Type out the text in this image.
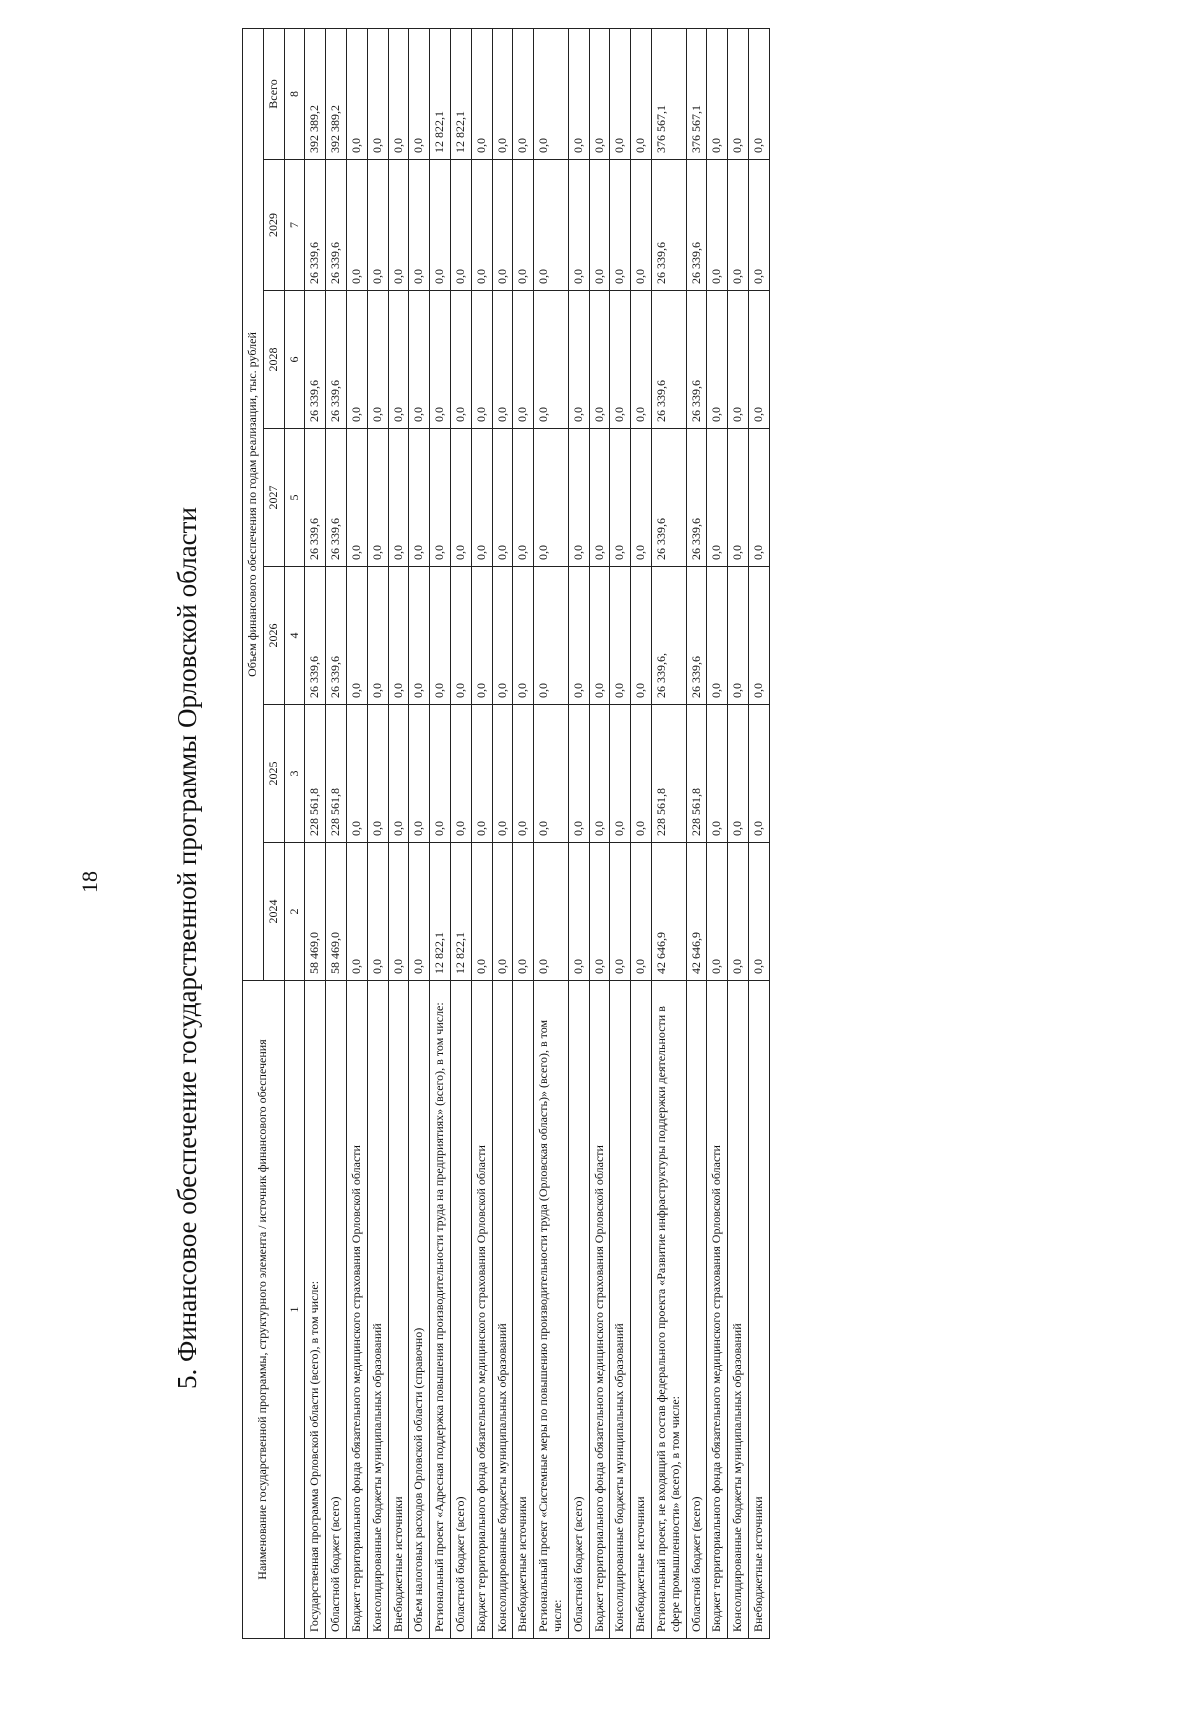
18	5. Финансовое обеспечение государственной программы Орловской области	Наименование государственной программы, структурного элемента / источник финансового обеспечения	Объем финансового обеспечения по годам реализации, тыс. рублей						
	2024	2025	2026	2027	2028	2029	Всего
1	2	3	4	5	6	7	8
Государственная программа Орловской области (всего), в том числе:	58 469,0	228 561,8	26 339,6	26 339,6	26 339,6	26 339,6	392 389,2
Областной бюджет (всего)	58 469,0	228 561,8	26 339,6	26 339,6	26 339,6	26 339,6	392 389,2
Бюджет территориального фонда обязательного медицинского страхования Орловской области	0,0	0,0	0,0	0,0	0,0	0,0	0,0
Консолидированные бюджеты муниципальных образований	0,0	0,0	0,0	0,0	0,0	0,0	0,0
Внебюджетные источники	0,0	0,0	0,0	0,0	0,0	0,0	0,0
Объем налоговых расходов Орловской области (справочно)	0,0	0,0	0,0	0,0	0,0	0,0	0,0
Региональный проект «Адресная поддержка повышения производительности труда на предприятиях» (всего), в том числе:	12 822,1	0,0	0,0	0,0	0,0	0,0	12 822,1
Областной бюджет (всего)	12 822,1	0,0	0,0	0,0	0,0	0,0	12 822,1
Бюджет территориального фонда обязательного медицинского страхования Орловской области	0,0	0,0	0,0	0,0	0,0	0,0	0,0
Консолидированные бюджеты муниципальных образований	0,0	0,0	0,0	0,0	0,0	0,0	0,0
Внебюджетные источники	0,0	0,0	0,0	0,0	0,0	0,0	0,0
Региональный проект «Системные меры по повышению производительности труда (Орловская область)» (всего), в том числе:	0,0	0,0	0,0	0,0	0,0	0,0	0,0
Областной бюджет (всего)	0,0	0,0	0,0	0,0	0,0	0,0	0,0
Бюджет территориального фонда обязательного медицинского страхования Орловской области	0,0	0,0	0,0	0,0	0,0	0,0	0,0
Консолидированные бюджеты муниципальных образований	0,0	0,0	0,0	0,0	0,0	0,0	0,0
Внебюджетные источники	0,0	0,0	0,0	0,0	0,0	0,0	0,0
Региональный проект, не входящий в состав федерального проекта «Развитие инфраструктуры поддержки деятельности в сфере промышленности» (всего), в том числе:	42 646,9	228 561,8	26 339,6,	26 339,6	26 339,6	26 339,6	376 567,1
Областной бюджет (всего)	42 646,9	228 561,8	26 339,6	26 339,6	26 339,6	26 339,6	376 567,1
Бюджет территориального фонда обязательного медицинского страхования Орловской области	0,0	0,0	0,0	0,0	0,0	0,0	0,0
Консолидированные бюджеты муниципальных образований	0,0	0,0	0,0	0,0	0,0	0,0	0,0
Внебюджетные источники	0,0	0,0	0,0	0,0	0,0	0,0	0,0
